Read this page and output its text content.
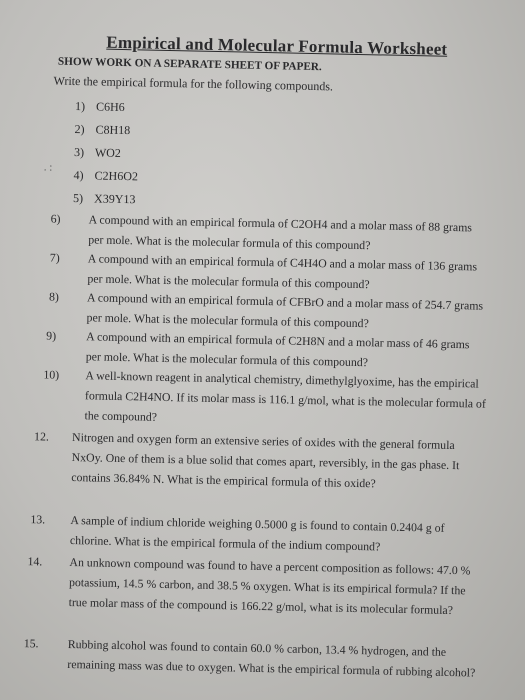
Empirical and Molecular Formula Worksheet
SHOW WORK ON A SEPARATE SHEET OF PAPER.
Write the empirical formula for the following compounds.
. :
1) C6H6
2) C8H18
3) WO2
4) C2H6O2
5) X39Y13
6) A compound with an empirical formula of C2OH4 and a molar mass of 88 grams per mole. What is the molecular formula of this compound?
7) A compound with an empirical formula of C4H4O and a molar mass of 136 grams per mole. What is the molecular formula of this compound?
8) A compound with an empirical formula of CFBrO and a molar mass of 254.7 grams per mole. What is the molecular formula of this compound?
9)	A compound with an empirical formula of C2H8N and a molar mass of 46 grams per mole. What is the molecular formula of this compound?
10) A well-known reagent in analytical chemistry, dimethylglyoxime, has the empirical formula C2H4NO. If its molar mass is 116.1 g/mol, what is the molecular formula of the compound?
12. Nitrogen and oxygen form an extensive series of oxides with the general formula NxOy. One of them is a blue solid that comes apart, reversibly, in the gas phase. It contains 36.84% N. What is the empirical formula of this oxide?
13. A sample of indium chloride weighing 0.5000 g is found to contain 0.2404 g of chlorine. What is the empirical formula of the indium compound?
14. An unknown compound was found to have a percent composition as follows: 47.0 % potassium, 14.5 % carbon, and 38.5 % oxygen. What is its empirical formula? If the true molar mass of the compound is 166.22 g/mol, what is its molecular formula?
15. Rubbing alcohol was found to contain 60.0 % carbon, 13.4 % hydrogen, and the remaining mass was due to oxygen. What is the empirical formula of rubbing alcohol?
